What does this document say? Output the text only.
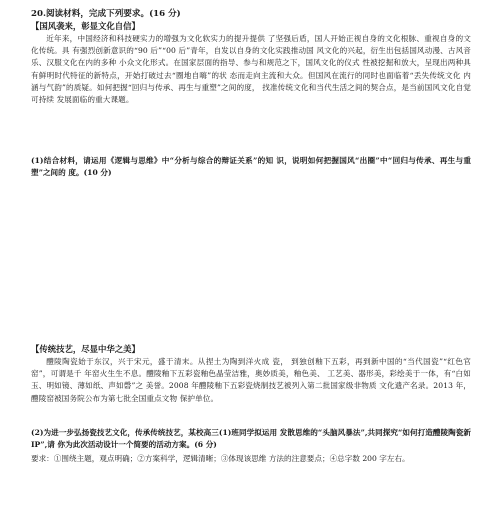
20.阅读材料，完成下列要求。(16 分)
【国风袭来，彰显文化自信】

近年来，中国经济和科技硬实力的增强为文化软实力的提升提供 了坚强后盾，国人开始正视自身的文化根脉、重视自身的文化传统。具 有强烈创新意识的“90 后”“00 后”青年，自发以自身的文化实践推动国 风文化的兴起，衍生出包括国风动漫、古风音乐、汉服文化在内的多种 小众文化形式。在国家层面的指导、参与和规范之下，国风文化的仪式 性被挖掘和放大，呈现出两种具有鲜明时代特征的新特点，开始打破过去“圈地自嗨”的状 态而走向主流和大众。但国风在流行的同时也面临着“丢失传统文化 内涵与气韵”的质疑。如何把握“回归与传承、再生与重塑”之间的度， 找准传统文化和当代生活之间的契合点，是当前国风文化自觉可持续 发展面临的重大课题。

(1)结合材料，请运用《逻辑与思维》中“分析与综合的辩证关系”的知 识，说明如何把握国风“出圈”中“回归与传承、再生与重塑”之间的 度。(10 分)

【传统技艺，尽显中华之美】

醴陵陶瓷始于东汉，兴于宋元，盛于清末。从捏土为陶到洋火成 瓷， 到独创釉下五彩，再到新中国的“当代国瓷”“红色官窑”，可谓是千 年窑火生生不息。醴陵釉下五彩瓷釉色晶莹洁雅，奥妙质美，釉色美、 工艺美、器形美，彩绘美于一体，有“白如玉、明如镜、薄如纸、声如磬”之 美誉。2008 年醴陵釉下五彩瓷烧制技艺被列入第二批国家级非物质 文化遗产名录。2013 年，醴陵窑被国务院公布为第七批全国重点文物 保护单位。

(2)为进一步弘扬瓷技艺文化，传承传统技艺，某校高三(1)班同学拟运用 发散思维的“头脑风暴法”,共同探究“如何打造醴陵陶瓷新 IP”,请 你为此次活动设计一个简要的活动方案。(6 分)

要求：①围绕主题，观点明确；②方案科学，逻辑清晰；③体现该思维 方法的注意要点；④总字数 200 字左右。
